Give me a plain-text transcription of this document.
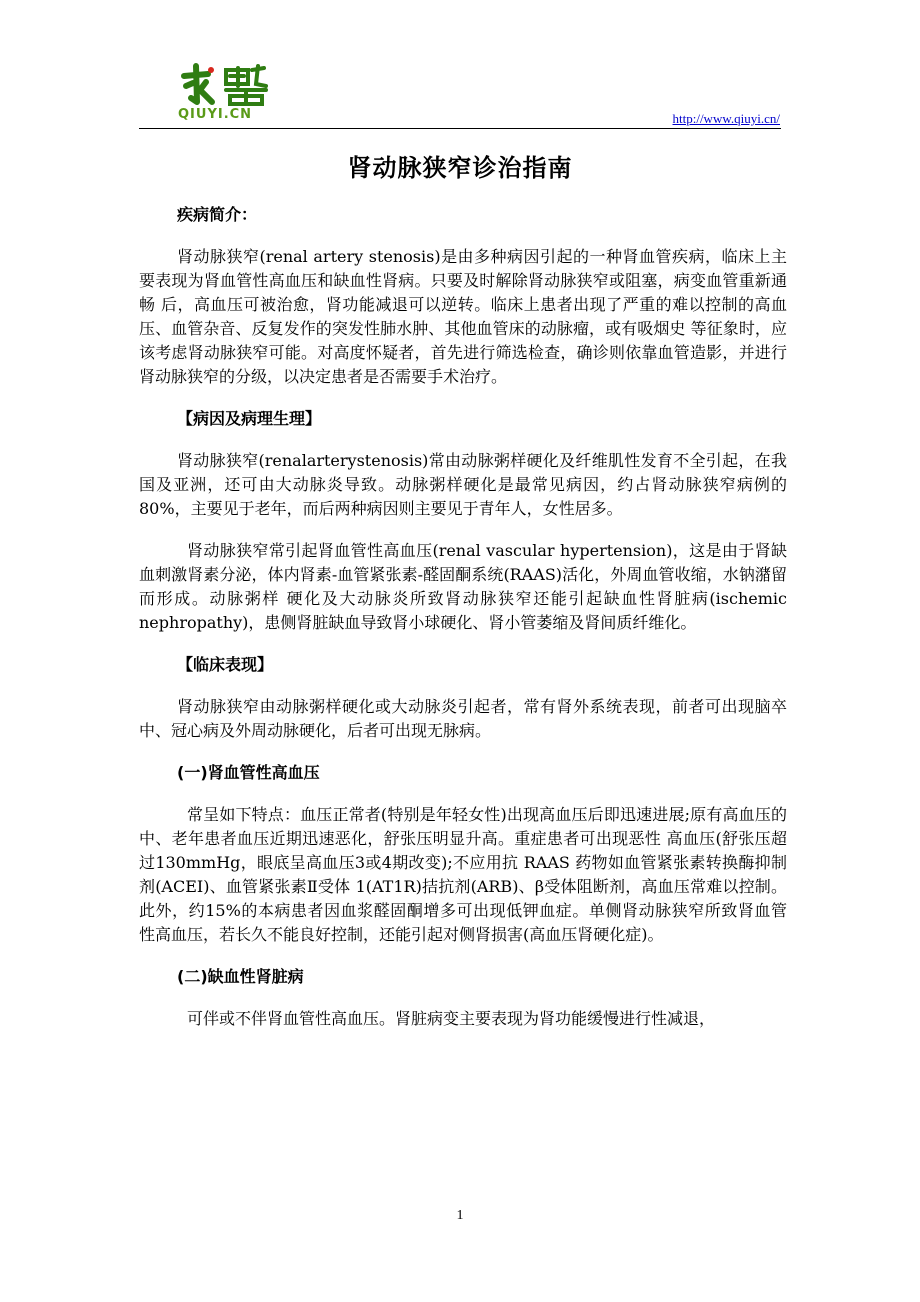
QIUYI.CN	http://www.qiuyi.cn/
肾动脉狭窄诊治指南
疾病简介：

肾动脉狭窄(renal artery stenosis)是由多种病因引起的一种肾血管疾病，临床上主要表现为肾血管性高血压和缺血性肾病。只要及时解除肾动脉狭窄或阻塞，病变血管重新通畅 后，高血压可被治愈，肾功能减退可以逆转。临床上患者出现了严重的难以控制的高血压、血管杂音、反复发作的突发性肺水肿、其他血管床的动脉瘤，或有吸烟史 等征象时，应该考虑肾动脉狭窄可能。对高度怀疑者，首先进行筛选检查，确诊则依靠血管造影，并进行肾动脉狭窄的分级，以决定患者是否需要手术治疗。

【病因及病理生理】

肾动脉狭窄(renalarterystenosis)常由动脉粥样硬化及纤维肌性发育不全引起，在我国及亚洲，还可由大动脉炎导致。动脉粥样硬化是最常见病因，约占肾动脉狭窄病例的80%，主要见于老年，而后两种病因则主要见于青年人，女性居多。

肾动脉狭窄常引起肾血管性高血压(renal vascular hypertension)，这是由于肾缺血刺激肾素分泌，体内肾素-血管紧张素-醛固酮系统(RAAS)活化，外周血管收缩，水钠潴留而形成。动脉粥样 硬化及大动脉炎所致肾动脉狭窄还能引起缺血性肾脏病(ischemic nephropathy)，患侧肾脏缺血导致肾小球硬化、肾小管萎缩及肾间质纤维化。

【临床表现】

肾动脉狭窄由动脉粥样硬化或大动脉炎引起者，常有肾外系统表现，前者可出现脑卒中、冠心病及外周动脉硬化，后者可出现无脉病。

(一)肾血管性高血压

常呈如下特点：血压正常者(特别是年轻女性)出现高血压后即迅速进展;原有高血压的中、老年患者血压近期迅速恶化，舒张压明显升高。重症患者可出现恶性 高血压(舒张压超过130mmHg，眼底呈高血压3或4期改变);不应用抗 RAAS 药物如血管紧张素转换酶抑制剂(ACEI)、血管紧张素Ⅱ受体 1(AT1R)拮抗剂(ARB)、β受体阻断剂，高血压常难以控制。此外，约15%的本病患者因血浆醛固酮增多可出现低钾血症。单侧肾动脉狭窄所致肾血管 性高血压，若长久不能良好控制，还能引起对侧肾损害(高血压肾硬化症)。

(二)缺血性肾脏病

可伴或不伴肾血管性高血压。肾脏病变主要表现为肾功能缓慢进行性减退，

1
